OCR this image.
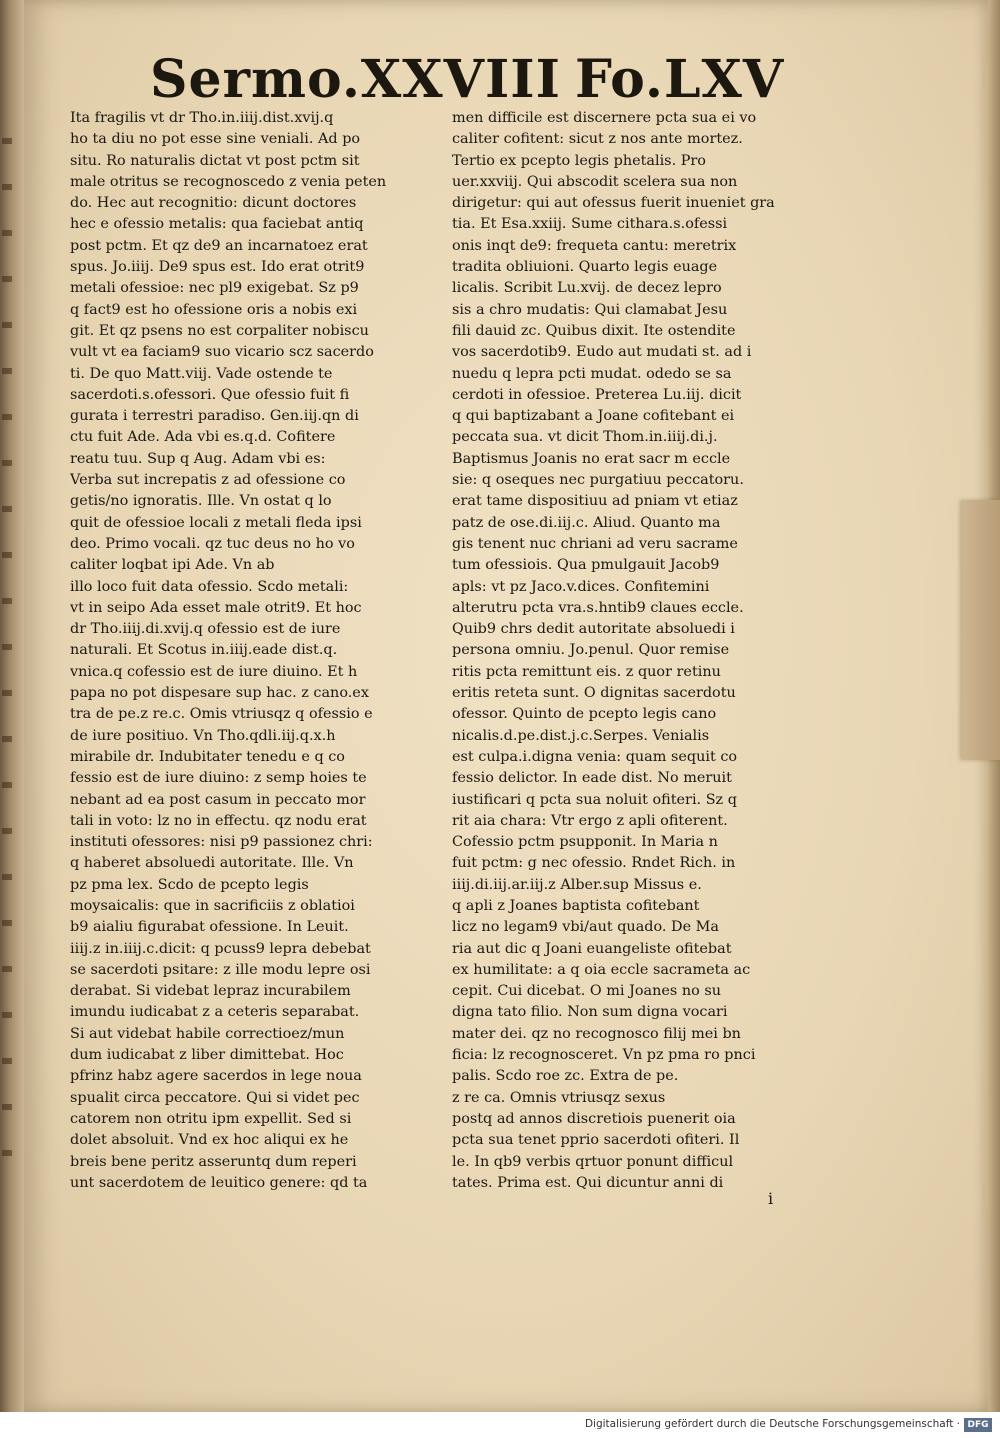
Sermo.XXVIII Fo.LXV
Ita fragilis vt dr Tho.in.iiij.dist.xvij.q
ho ta diu no pot esse sine veniali. Ad po
situ. Ro naturalis dictat vt post pctm sit
male otritus se recognoscedo z venia peten
do. Hec aut recognitio: dicunt doctores
hec e ofessio metalis: qua faciebat antiq
post pctm. Et qz de9 an incarnatoez erat
spus. Jo.iiij. De9 spus est. Ido erat otrit9
metali ofessioe: nec pl9 exigebat. Sz p9
q fact9 est ho ofessione oris a nobis exi
git. Et qz psens no est corpaliter nobiscu
vult vt ea faciam9 suo vicario scz sacerdo
ti. De quo Matt.viij. Vade ostende te
sacerdoti.s.ofessori. Que ofessio fuit fi
gurata i terrestri paradiso. Gen.iij.qn di
ctu fuit Ade. Ada vbi es.q.d. Cofitere
reatu tuu. Sup q Aug. Adam vbi es:
Verba sut increpatis z ad ofessione co
getis/no ignoratis. Ille. Vn ostat q lo
quit de ofessioe locali z metali fleda ipsi
deo. Primo vocali. qz tuc deus no ho vo
caliter loqbat ipi Ade. Vn ab
illo loco fuit data ofessio. Scdo metali:
vt in seipo Ada esset male otrit9. Et hoc
dr Tho.iiij.di.xvij.q ofessio est de iure
naturali. Et Scotus in.iiij.eade dist.q.
vnica.q cofessio est de iure diuino. Et h
papa no pot dispesare sup hac. z cano.ex
tra de pe.z re.c. Omis vtriusqz q ofessio e
de iure positiuo. Vn Tho.qdli.iij.q.x.h
mirabile dr. Indubitater tenedu e q co
fessio est de iure diuino: z semp hoies te
nebant ad ea post casum in peccato mor
tali in voto: lz no in effectu. qz nodu erat
instituti ofessores: nisi p9 passionez chri:
q haberet absoluedi autoritate. Ille. Vn
pz pma lex. Scdo de pcepto legis
moysaicalis: que in sacrificiis z oblatioi
b9 aialiu figurabat ofessione. In Leuit.
iiij.z in.iiij.c.dicit: q pcuss9 lepra debebat
se sacerdoti psitare: z ille modu lepre osi
derabat. Si videbat lepraz incurabilem
imundu iudicabat z a ceteris separabat.
Si aut videbat habile correctioez/mun
dum iudicabat z liber dimittebat. Hoc
pfrinz habz agere sacerdos in lege noua
spualit circa peccatore. Qui si videt pec
catorem non otritu ipm expellit. Sed si
dolet absoluit. Vnd ex hoc aliqui ex he
breis bene peritz asseruntq dum reperi
unt sacerdotem de leuitico genere: qd ta
men difficile est discernere pcta sua ei vo
caliter cofitent: sicut z nos ante mortez.
Tertio ex pcepto legis phetalis. Pro
uer.xxviij. Qui abscodit scelera sua non
dirigetur: qui aut ofessus fuerit inueniet gra
tia. Et Esa.xxiij. Sume cithara.s.ofessi
onis inqt de9: frequeta cantu: meretrix
tradita obliuioni. Quarto legis euage
licalis. Scribit Lu.xvij. de decez lepro
sis a chro mudatis: Qui clamabat Jesu
fili dauid zc. Quibus dixit. Ite ostendite
vos sacerdotib9. Eudo aut mudati st. ad i
nuedu q lepra pcti mudat. odedo se sa
cerdoti in ofessioe. Preterea Lu.iij. dicit
q qui baptizabant a Joane cofitebant ei
peccata sua. vt dicit Thom.in.iiij.di.j.
Baptismus Joanis no erat sacr m eccle
sie: q oseques nec purgatiuu peccatoru.
erat tame dispositiuu ad pniam vt etiaz
patz de ose.di.iij.c. Aliud. Quanto ma
gis tenent nuc chriani ad veru sacrame
tum ofessiois. Qua pmulgauit Jacob9
apls: vt pz Jaco.v.dices. Confitemini
alterutru pcta vra.s.hntib9 claues eccle.
Quib9 chrs dedit autoritate absoluedi i
persona omniu. Jo.penul. Quor remise
ritis pcta remittunt eis. z quor retinu
eritis reteta sunt. O dignitas sacerdotu
ofessor. Quinto de pcepto legis cano
nicalis.d.pe.dist.j.c.Serpes. Venialis
est culpa.i.digna venia: quam sequit co
fessio delictor. In eade dist. No meruit
iustificari q pcta sua noluit ofiteri. Sz q
rit aia chara: Vtr ergo z apli ofiterent.
Cofessio pctm psupponit. In Maria n
fuit pctm: g nec ofessio. Rndet Rich. in
iiij.di.iij.ar.iij.z Alber.sup Missus e.
q apli z Joanes baptista cofitebant
licz no legam9 vbi/aut quado. De Ma
ria aut dic q Joani euangeliste ofitebat
ex humilitate: a q oia eccle sacrameta ac
cepit. Cui dicebat. O mi Joanes no su
digna tato filio. Non sum digna vocari
mater dei. qz no recognosco filij mei bn
ficia: lz recognosceret. Vn pz pma ro pnci
palis. Scdo roe zc. Extra de pe.
z re ca. Omnis vtriusqz sexus
postq ad annos discretiois puenerit oia
pcta sua tenet pprio sacerdoti ofiteri. Il
le. In qb9 verbis qrtuor ponunt difficul
tates. Prima est. Qui dicuntur anni di
i
Digitalisierung gefördert durch die Deutsche Forschungsgemeinschaft · DFG
